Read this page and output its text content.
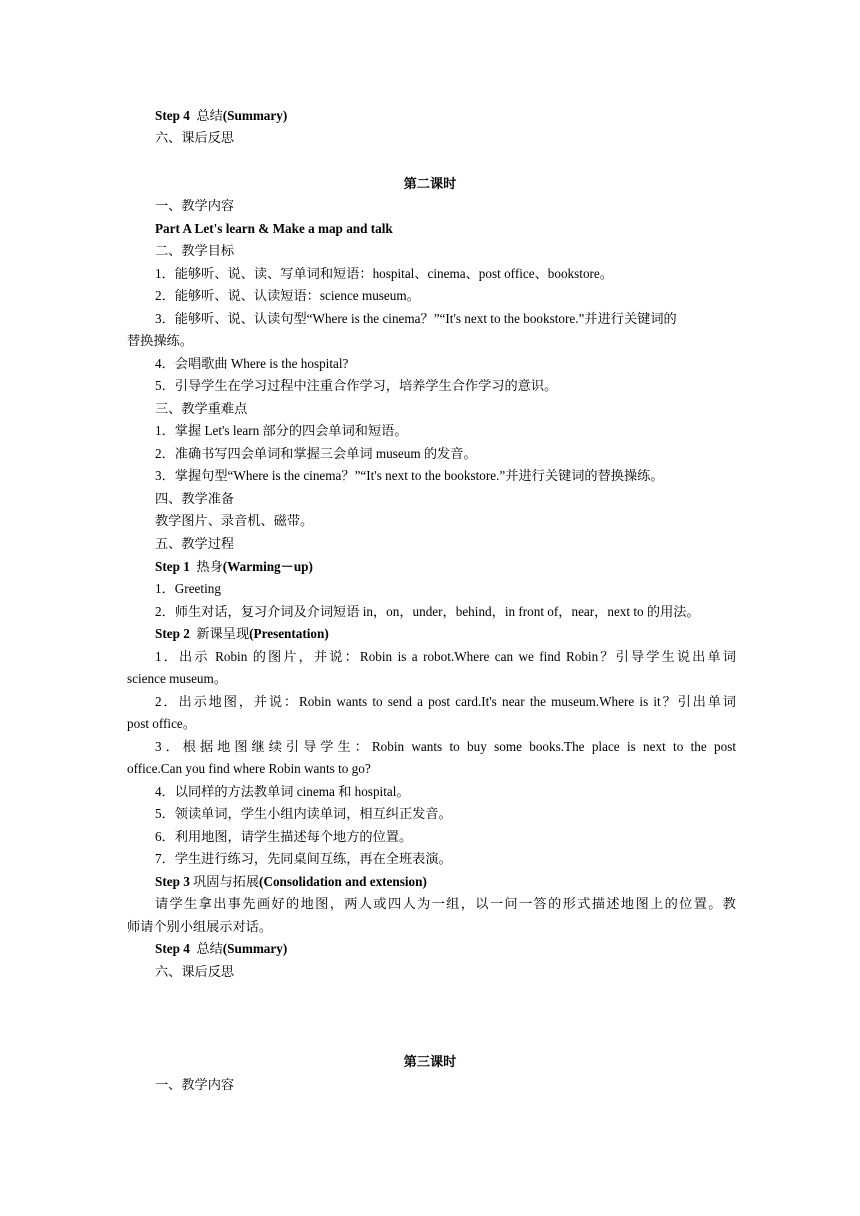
Step 4 总结(Summary)
六、课后反思
第二课时
一、教学内容
Part A Let's learn & Make a map and talk
二、教学目标
1．能够听、说、读、写单词和短语：hospital、cinema、post office、bookstore。
2．能够听、说、认读短语：science museum。
3．能够听、说、认读句型“Where is the cinema？”“It's next to the bookstore.”并进行关键词的
替换操练。
4．会唱歌曲 Where is the hospital?
5．引导学生在学习过程中注重合作学习，培养学生合作学习的意识。
三、教学重难点
1．掌握 Let's learn 部分的四会单词和短语。
2．准确书写四会单词和掌握三会单词 museum 的发音。
3．掌握句型“Where is the cinema？”“It's next to the bookstore.”并进行关键词的替换操练。
四、教学准备
教学图片、录音机、磁带。
五、教学过程
Step 1 热身(Warming－up)
1．Greeting
2．师生对话，复习介词及介词短语 in，on，under，behind，in front of，near，next to 的用法。
Step 2 新课呈现(Presentation)
1．出示 Robin 的图片，并说：Robin is a robot.Where can we find Robin？引导学生说出单词
science museum。
2．出示地图，并说：Robin wants to send a post card.It's near the museum.Where is it？引出单词
post office。
3．根据地图继续引导学生：Robin wants to buy some books.The place is next to the post
office.Can you find where Robin wants to go?
4．以同样的方法教单词 cinema 和 hospital。
5．领读单词，学生小组内读单词，相互纠正发音。
6．利用地图，请学生描述每个地方的位置。
7．学生进行练习，先同桌间互练，再在全班表演。
Step 3 巩固与拓展(Consolidation and extension)
请学生拿出事先画好的地图，两人或四人为一组，以一问一答的形式描述地图上的位置。教
师请个别小组展示对话。
Step 4 总结(Summary)
六、课后反思
第三课时
一、教学内容
